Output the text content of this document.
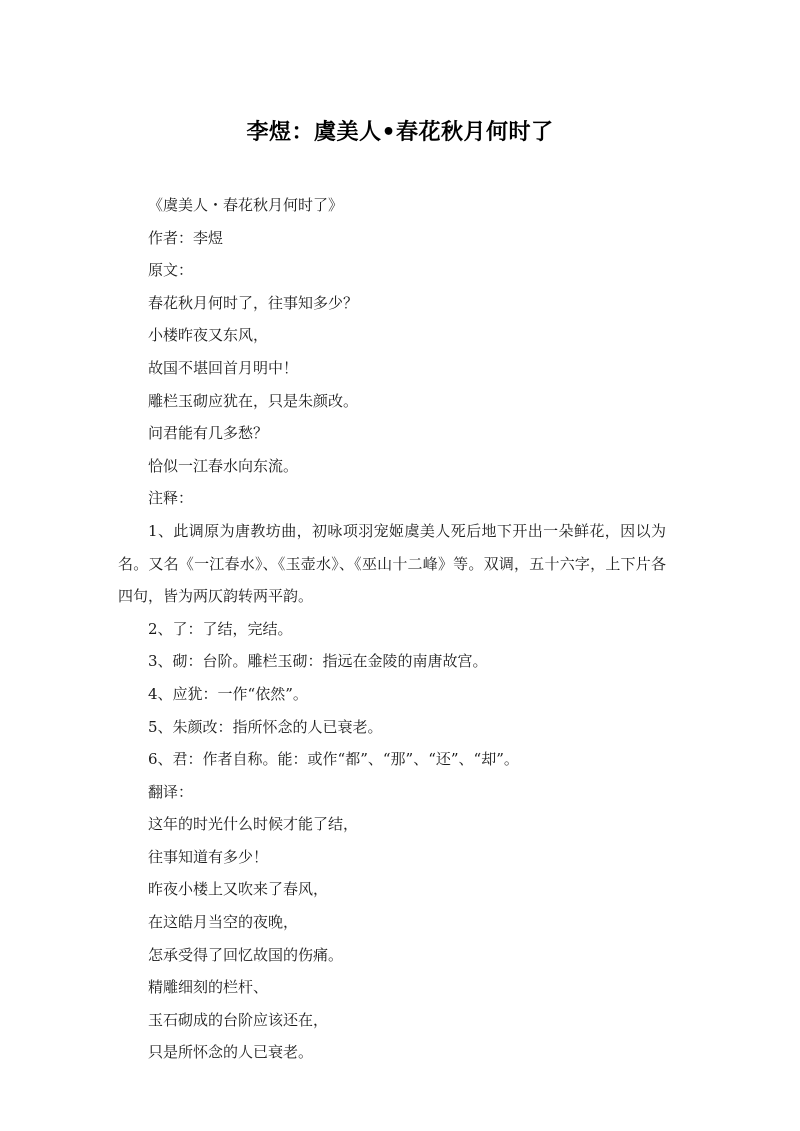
李煜：虞美人•春花秋月何时了
《虞美人・春花秋月何时了》
作者：李煜
原文：
春花秋月何时了，往事知多少？
小楼昨夜又东风，
故国不堪回首月明中！
雕栏玉砌应犹在，只是朱颜改。
问君能有几多愁？
恰似一江春水向东流。
注释：
1、此调原为唐教坊曲，初咏项羽宠姬虞美人死后地下开出一朵鲜花，因以为名。又名《一江春水》、《玉壶水》、《巫山十二峰》等。双调，五十六字，上下片各四句，皆为两仄韵转两平韵。
2、了：了结，完结。
3、砌：台阶。雕栏玉砌：指远在金陵的南唐故宫。
4、应犹：一作“依然”。
5、朱颜改：指所怀念的人已衰老。
6、君：作者自称。能：或作“都”、“那”、“还”、“却”。
翻译：
这年的时光什么时候才能了结，
往事知道有多少！
昨夜小楼上又吹来了春风，
在这皓月当空的夜晚，
怎承受得了回忆故国的伤痛。
精雕细刻的栏杆、
玉石砌成的台阶应该还在，
只是所怀念的人已衰老。
